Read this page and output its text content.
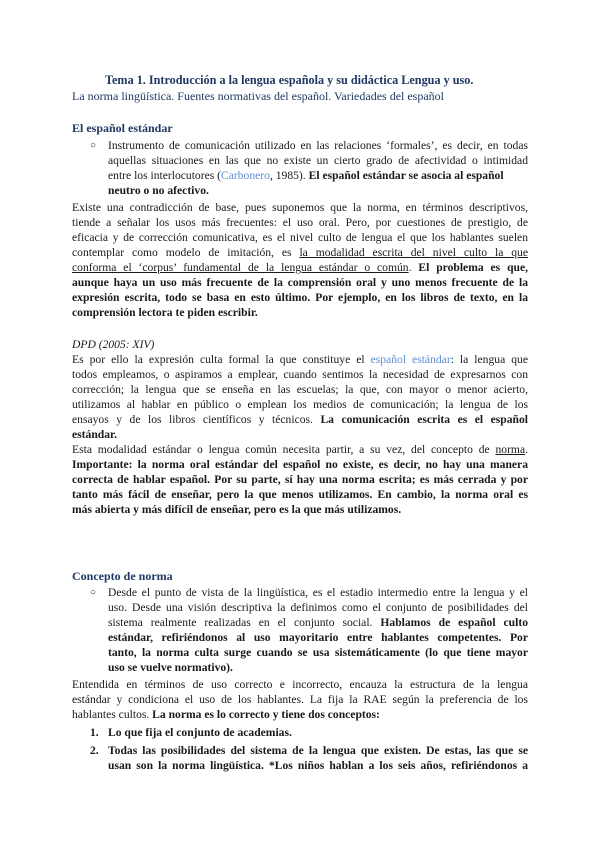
Tema 1. Introducción a la lengua española y su didáctica Lengua y uso.
La norma lingüística. Fuentes normativas del español. Variedades del español
El español estándar
○ Instrumento de comunicación utilizado en las relaciones ‘formales’, es decir, en todas
aquellas situaciones en las que no existe un cierto grado de afectividad o intimidad
entre los interlocutores (Carbonero, 1985). El español estándar se asocia al español
neutro o no afectivo.
Existe una contradicción de base, pues suponemos que la norma, en términos descriptivos,
tiende a señalar los usos más frecuentes: el uso oral. Pero, por cuestiones de prestigio, de
eficacia y de corrección comunicativa, es el nivel culto de lengua el que los hablantes suelen
contemplar como modelo de imitación, es la modalidad escrita del nivel culto la que
conforma el ‘corpus’ fundamental de la lengua estándar o común. El problema es que,
aunque haya un uso más frecuente de la comprensión oral y uno menos frecuente de la
expresión escrita, todo se basa en esto último. Por ejemplo, en los libros de texto, en la
comprensión lectora te piden escribir.
DPD (2005: XIV)
Es por ello la expresión culta formal la que constituye el español estándar: la lengua que
todos empleamos, o aspiramos a emplear, cuando sentimos la necesidad de expresarnos con
corrección; la lengua que se enseña en las escuelas; la que, con mayor o menor acierto,
utilizamos al hablar en público o emplean los medios de comunicación; la lengua de los
ensayos y de los libros científicos y técnicos. La comunicación escrita es el español
estándar.
Esta modalidad estándar o lengua común necesita partir, a su vez, del concepto de norma.
Importante: la norma oral estándar del español no existe, es decir, no hay una manera
correcta de hablar español. Por su parte, sí hay una norma escrita; es más cerrada y por
tanto más fácil de enseñar, pero la que menos utilizamos. En cambio, la norma oral es
más abierta y más difícil de enseñar, pero es la que más utilizamos.
Concepto de norma
○ Desde el punto de vista de la lingüística, es el estadio intermedio entre la lengua y el
uso. Desde una visión descriptiva la definimos como el conjunto de posibilidades del
sistema realmente realizadas en el conjunto social. Hablamos de español culto
estándar, refiriéndonos al uso mayoritario entre hablantes competentes. Por
tanto, la norma culta surge cuando se usa sistemáticamente (lo que tiene mayor
uso se vuelve normativo).
Entendida en términos de uso correcto e incorrecto, encauza la estructura de la lengua
estándar y condiciona el uso de los hablantes. La fija la RAE según la preferencia de los
hablantes cultos. La norma es lo correcto y tiene dos conceptos:
1. Lo que fija el conjunto de academias.
2. Todas las posibilidades del sistema de la lengua que existen. De estas, las que se
usan son la norma lingüística. *Los niños hablan a los seis años, refiriéndonos a
